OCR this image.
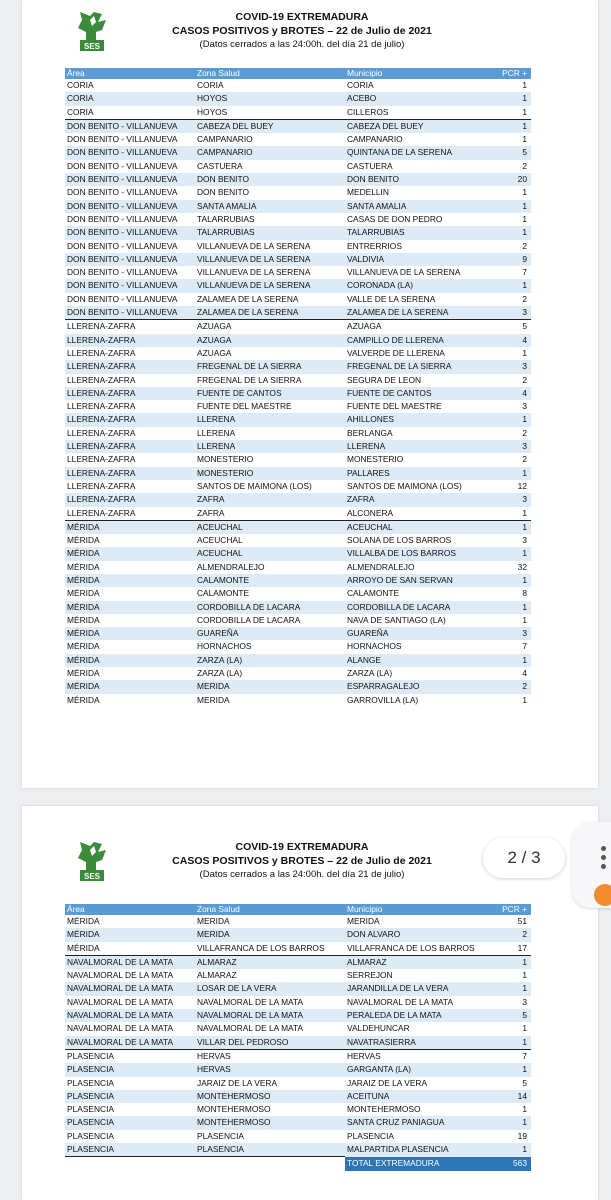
SES
COVID-19 EXTREMADURA
CASOS POSITIVOS y BROTES – 22 de Julio de 2021
(Datos cerrados a las 24:00h. del día 21 de julio)
Área	Zona Salud	Municipio	PCR +
CORIA	CORIA	CORIA	1
CORIA	HOYOS	ACEBO	1
CORIA	HOYOS	CILLEROS	1
DON BENITO - VILLANUEVA	CABEZA DEL BUEY	CABEZA DEL BUEY	1
DON BENITO - VILLANUEVA	CAMPANARIO	CAMPANARIO	1
DON BENITO - VILLANUEVA	CAMPANARIO	QUINTANA DE LA SERENA	5
DON BENITO - VILLANUEVA	CASTUERA	CASTUERA	2
DON BENITO - VILLANUEVA	DON BENITO	DON BENITO	20
DON BENITO - VILLANUEVA	DON BENITO	MEDELLIN	1
DON BENITO - VILLANUEVA	SANTA AMALIA	SANTA AMALIA	1
DON BENITO - VILLANUEVA	TALARRUBIAS	CASAS DE DON PEDRO	1
DON BENITO - VILLANUEVA	TALARRUBIAS	TALARRUBIAS	1
DON BENITO - VILLANUEVA	VILLANUEVA DE LA SERENA	ENTRERRIOS	2
DON BENITO - VILLANUEVA	VILLANUEVA DE LA SERENA	VALDIVIA	9
DON BENITO - VILLANUEVA	VILLANUEVA DE LA SERENA	VILLANUEVA DE LA SERENA	7
DON BENITO - VILLANUEVA	VILLANUEVA DE LA SERENA	CORONADA (LA)	1
DON BENITO - VILLANUEVA	ZALAMEA DE LA SERENA	VALLE DE LA SERENA	2
DON BENITO - VILLANUEVA	ZALAMEA DE LA SERENA	ZALAMEA DE LA SERENA	3
LLERENA-ZAFRA	AZUAGA	AZUAGA	5
LLERENA-ZAFRA	AZUAGA	CAMPILLO DE LLERENA	4
LLERENA-ZAFRA	AZUAGA	VALVERDE DE LLERENA	1
LLERENA-ZAFRA	FREGENAL DE LA SIERRA	FREGENAL DE LA SIERRA	3
LLERENA-ZAFRA	FREGENAL DE LA SIERRA	SEGURA DE LEON	2
LLERENA-ZAFRA	FUENTE DE CANTOS	FUENTE DE CANTOS	4
LLERENA-ZAFRA	FUENTE DEL MAESTRE	FUENTE DEL MAESTRE	3
LLERENA-ZAFRA	LLERENA	AHILLONES	1
LLERENA-ZAFRA	LLERENA	BERLANGA	2
LLERENA-ZAFRA	LLERENA	LLERENA	3
LLERENA-ZAFRA	MONESTERIO	MONESTERIO	2
LLERENA-ZAFRA	MONESTERIO	PALLARES	1
LLERENA-ZAFRA	SANTOS DE MAIMONA (LOS)	SANTOS DE MAIMONA (LOS)	12
LLERENA-ZAFRA	ZAFRA	ZAFRA	3
LLERENA-ZAFRA	ZAFRA	ALCONERA	1
MÉRIDA	ACEUCHAL	ACEUCHAL	1
MÉRIDA	ACEUCHAL	SOLANA DE LOS BARROS	3
MÉRIDA	ACEUCHAL	VILLALBA DE LOS BARROS	1
MÉRIDA	ALMENDRALEJO	ALMENDRALEJO	32
MÉRIDA	CALAMONTE	ARROYO DE SAN SERVAN	1
MÉRIDA	CALAMONTE	CALAMONTE	8
MÉRIDA	CORDOBILLA DE LACARA	CORDOBILLA DE LACARA	1
MÉRIDA	CORDOBILLA DE LACARA	NAVA DE SANTIAGO (LA)	1
MÉRIDA	GUAREÑA	GUAREÑA	3
MÉRIDA	HORNACHOS	HORNACHOS	7
MÉRIDA	ZARZA (LA)	ALANGE	1
MÉRIDA	ZARZA (LA)	ZARZA (LA)	4
MÉRIDA	MERIDA	ESPARRAGALEJO	2
MÉRIDA	MERIDA	GARROVILLA (LA)	1
SES
COVID-19 EXTREMADURA
CASOS POSITIVOS y BROTES – 22 de Julio de 2021
(Datos cerrados a las 24:00h. del día 21 de julio)
Área	Zona Salud	Municipio	PCR +
MÉRIDA	MERIDA	MERIDA	51
MÉRIDA	MERIDA	DON ALVARO	2
MÉRIDA	VILLAFRANCA DE LOS BARROS	VILLAFRANCA DE LOS BARROS	17
NAVALMORAL DE LA MATA	ALMARAZ	ALMARAZ	1
NAVALMORAL DE LA MATA	ALMARAZ	SERREJON	1
NAVALMORAL DE LA MATA	LOSAR DE LA VERA	JARANDILLA DE LA VERA	1
NAVALMORAL DE LA MATA	NAVALMORAL DE LA MATA	NAVALMORAL DE LA MATA	3
NAVALMORAL DE LA MATA	NAVALMORAL DE LA MATA	PERALEDA DE LA MATA	5
NAVALMORAL DE LA MATA	NAVALMORAL DE LA MATA	VALDEHUNCAR	1
NAVALMORAL DE LA MATA	VILLAR DEL PEDROSO	NAVATRASIERRA	1
PLASENCIA	HERVAS	HERVAS	7
PLASENCIA	HERVAS	GARGANTA (LA)	1
PLASENCIA	JARAIZ DE LA VERA	JARAIZ DE LA VERA	5
PLASENCIA	MONTEHERMOSO	ACEITUNA	14
PLASENCIA	MONTEHERMOSO	MONTEHERMOSO	1
PLASENCIA	MONTEHERMOSO	SANTA CRUZ PANIAGUA	1
PLASENCIA	PLASENCIA	PLASENCIA	19
PLASENCIA	PLASENCIA	MALPARTIDA PLASENCIA	1
		TOTAL EXTREMADURA	563
2 / 3
